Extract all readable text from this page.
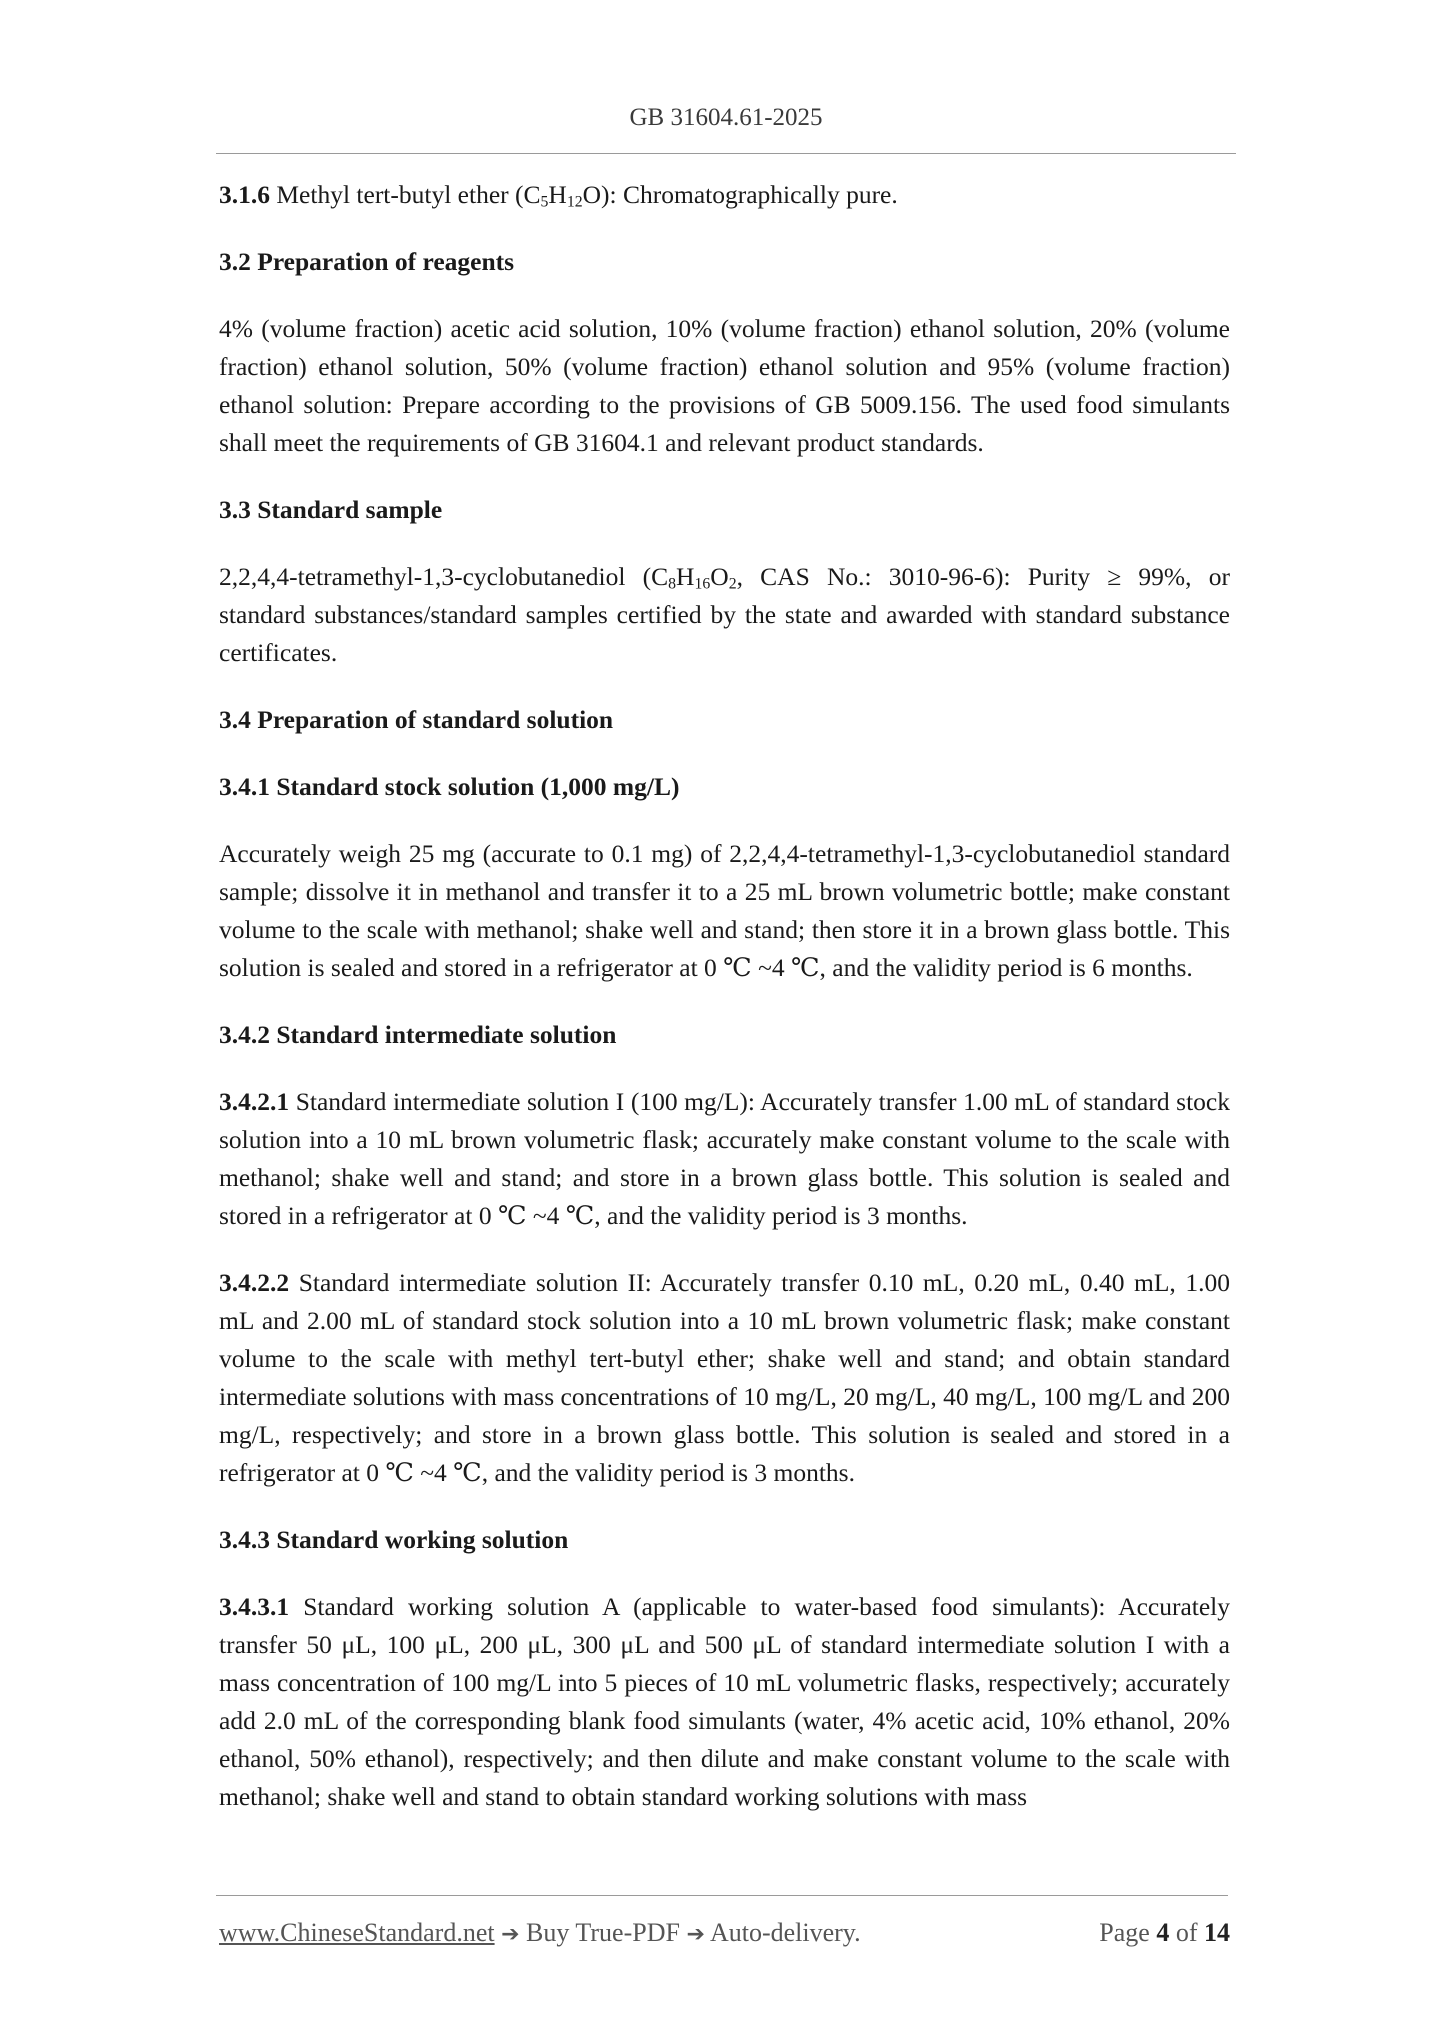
GB 31604.61-2025

3.1.6 Methyl tert-butyl ether $(C_5H_{12}O)$: Chromatographically pure.

3.2 Preparation of reagents

4% (volume fraction) acetic acid solution, 10% (volume fraction) ethanol solution, 20% (volume fraction) ethanol solution, 50% (volume fraction) ethanol solution and 95% (volume fraction) ethanol solution: Prepare according to the provisions of GB 5009.156. The used food simulants shall meet the requirements of GB 31604.1 and relevant product standards.

3.3 Standard sample

2,2,4,4-tetramethyl-1,3-cyclobutanediol ($C_8H_{16}O_2$, CAS No.: 3010-96-6): Purity ≥ 99%, or standard substances/standard samples certified by the state and awarded with standard substance certificates.

3.4 Preparation of standard solution

3.4.1 Standard stock solution (1,000 mg/L)

Accurately weigh 25 mg (accurate to 0.1 mg) of 2,2,4,4-tetramethyl-1,3-cyclobutanediol standard sample; dissolve it in methanol and transfer it to a 25 mL brown volumetric bottle; make constant volume to the scale with methanol; shake well and stand; then store it in a brown glass bottle. This solution is sealed and stored in a refrigerator at 0 ℃ ~4 ℃, and the validity period is 6 months.

3.4.2 Standard intermediate solution

3.4.2.1 Standard intermediate solution I (100 mg/L): Accurately transfer 1.00 mL of standard stock solution into a 10 mL brown volumetric flask; accurately make constant volume to the scale with methanol; shake well and stand; and store in a brown glass bottle. This solution is sealed and stored in a refrigerator at 0 ℃ ~4 ℃, and the validity period is 3 months.

3.4.2.2 Standard intermediate solution II: Accurately transfer 0.10 mL, 0.20 mL, 0.40 mL, 1.00 mL and 2.00 mL of standard stock solution into a 10 mL brown volumetric flask; make constant volume to the scale with methyl tert-butyl ether; shake well and stand; and obtain standard intermediate solutions with mass concentrations of 10 mg/L, 20 mg/L, 40 mg/L, 100 mg/L and 200 mg/L, respectively; and store in a brown glass bottle. This solution is sealed and stored in a refrigerator at 0 ℃ ~4 ℃, and the validity period is 3 months.

3.4.3 Standard working solution

3.4.3.1 Standard working solution A (applicable to water-based food simulants): Accurately transfer 50 μL, 100 μL, 200 μL, 300 μL and 500 μL of standard intermediate solution I with a mass concentration of 100 mg/L into 5 pieces of 10 mL volumetric flasks, respectively; accurately add 2.0 mL of the corresponding blank food simulants (water, 4% acetic acid, 10% ethanol, 20% ethanol, 50% ethanol), respectively; and then dilute and make constant volume to the scale with methanol; shake well and stand to obtain standard working solutions with mass

www.ChineseStandard.net ➔ Buy True-PDF ➔ Auto-delivery.	Page 4 of 14
